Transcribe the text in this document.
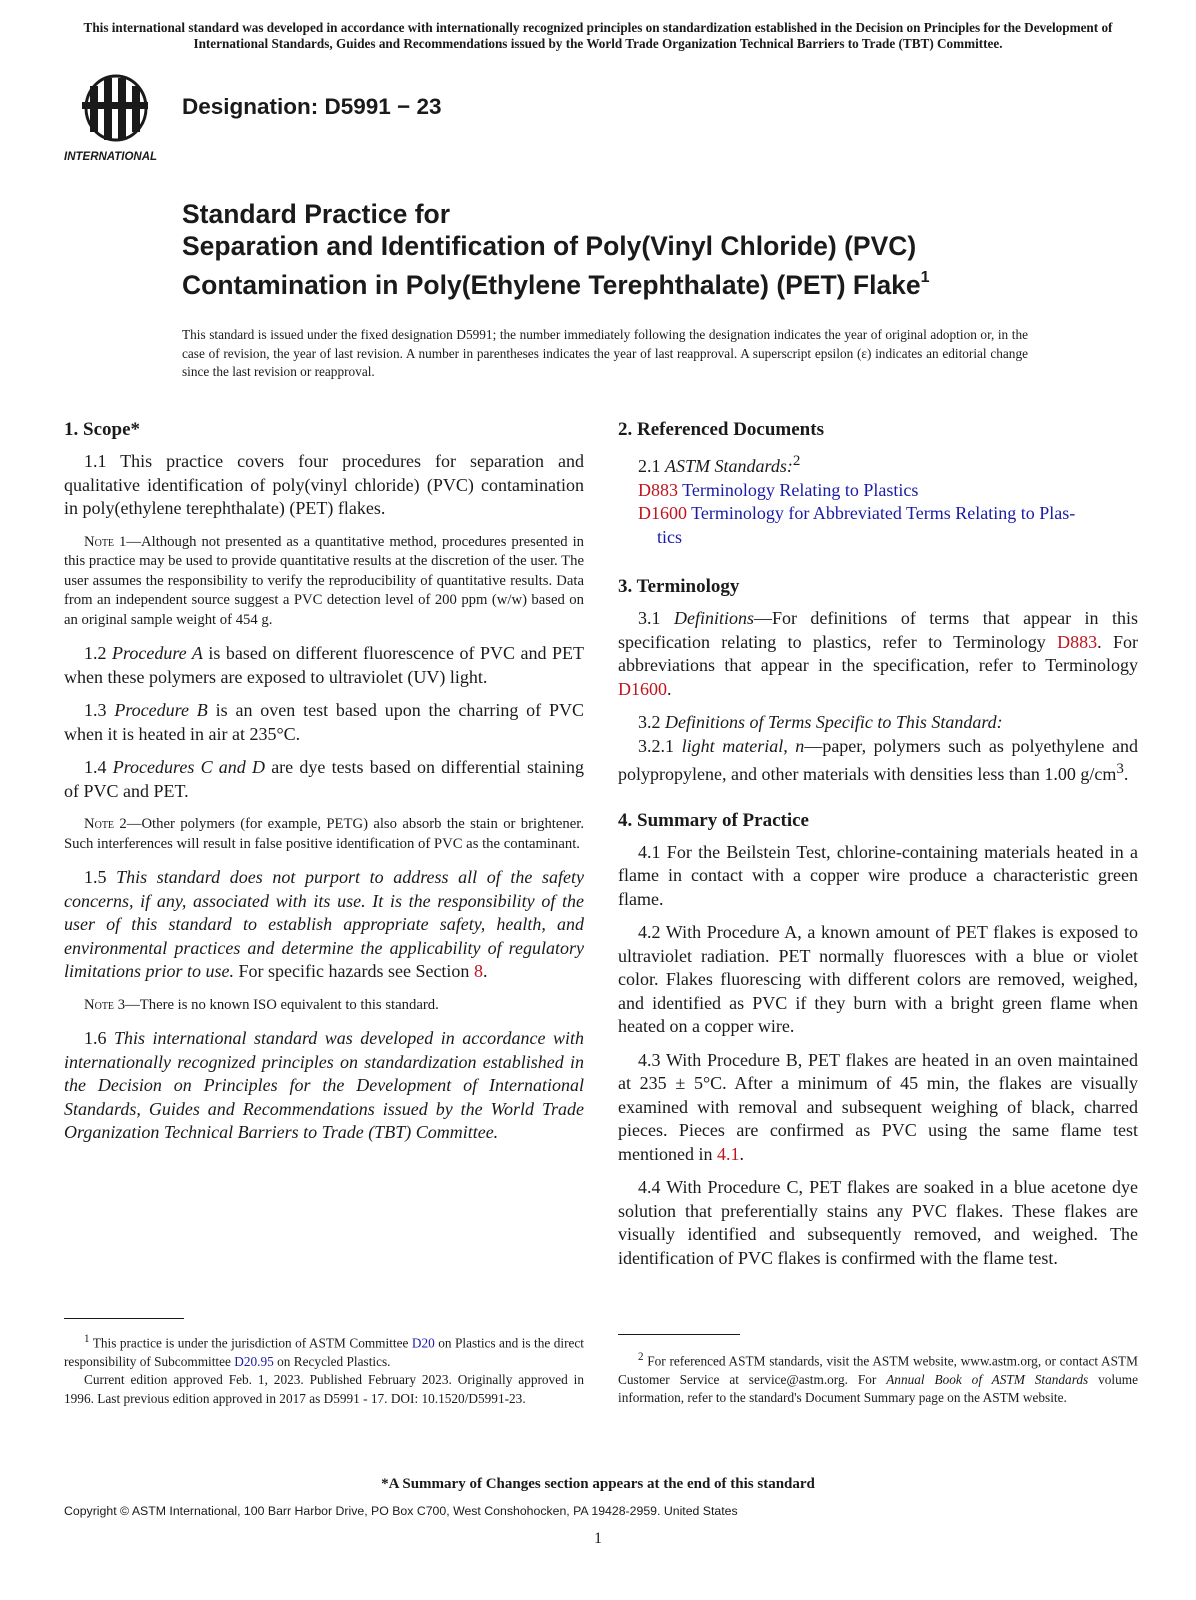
This international standard was developed in accordance with internationally recognized principles on standardization established in the Decision on Principles for the Development of International Standards, Guides and Recommendations issued by the World Trade Organization Technical Barriers to Trade (TBT) Committee.
INTERNATIONAL
Designation: D5991 − 23
Standard Practice for
Separation and Identification of Poly(Vinyl Chloride) (PVC)
Contamination in Poly(Ethylene Terephthalate) (PET) Flake$^1$
This standard is issued under the fixed designation D5991; the number immediately following the designation indicates the year of original adoption or, in the case of revision, the year of last revision. A number in parentheses indicates the year of last reapproval. A superscript epsilon (ε) indicates an editorial change since the last revision or reapproval.
1. Scope*

1.1 This practice covers four procedures for separation and qualitative identification of poly(vinyl chloride) (PVC) contamination in poly(ethylene terephthalate) (PET) flakes.

Note 1—Although not presented as a quantitative method, procedures presented in this practice may be used to provide quantitative results at the discretion of the user. The user assumes the responsibility to verify the reproducibility of quantitative results. Data from an independent source suggest a PVC detection level of 200 ppm (w/w) based on an original sample weight of 454 g.

1.2 Procedure A is based on different fluorescence of PVC and PET when these polymers are exposed to ultraviolet (UV) light.

1.3 Procedure B is an oven test based upon the charring of PVC when it is heated in air at 235°C.

1.4 Procedures C and D are dye tests based on differential staining of PVC and PET.

Note 2—Other polymers (for example, PETG) also absorb the stain or brightener. Such interferences will result in false positive identification of PVC as the contaminant.

1.5 This standard does not purport to address all of the safety concerns, if any, associated with its use. It is the responsibility of the user of this standard to establish appropriate safety, health, and environmental practices and determine the applicability of regulatory limitations prior to use. For specific hazards see Section 8.

Note 3—There is no known ISO equivalent to this standard.

1.6 This international standard was developed in accordance with internationally recognized principles on standardization established in the Decision on Principles for the Development of International Standards, Guides and Recommendations issued by the World Trade Organization Technical Barriers to Trade (TBT) Committee.

2. Referenced Documents

2.1 ASTM Standards:$^2$

D883 Terminology Relating to Plastics

D1600 Terminology for Abbreviated Terms Relating to Plas-

tics

3. Terminology

3.1 Definitions—For definitions of terms that appear in this specification relating to plastics, refer to Terminology D883. For abbreviations that appear in the specification, refer to Terminology D1600.

3.2 Definitions of Terms Specific to This Standard:

3.2.1 light material, n—paper, polymers such as polyethylene and polypropylene, and other materials with densities less than 1.00 $g/cm^3$.

4. Summary of Practice

4.1 For the Beilstein Test, chlorine-containing materials heated in a flame in contact with a copper wire produce a characteristic green flame.

4.2 With Procedure A, a known amount of PET flakes is exposed to ultraviolet radiation. PET normally fluoresces with a blue or violet color. Flakes fluorescing with different colors are removed, weighed, and identified as PVC if they burn with a bright green flame when heated on a copper wire.

4.3 With Procedure B, PET flakes are heated in an oven maintained at 235 ± 5°C. After a minimum of 45 min, the flakes are visually examined with removal and subsequent weighing of black, charred pieces. Pieces are confirmed as PVC using the same flame test mentioned in 4.1.

4.4 With Procedure C, PET flakes are soaked in a blue acetone dye solution that preferentially stains any PVC flakes. These flakes are visually identified and subsequently removed, and weighed. The identification of PVC flakes is confirmed with the flame test.

$^1$ This practice is under the jurisdiction of ASTM Committee D20 on Plastics and is the direct responsibility of Subcommittee D20.95 on Recycled Plastics.

Current edition approved Feb. 1, 2023. Published February 2023. Originally approved in 1996. Last previous edition approved in 2017 as D5991 - 17. DOI: 10.1520/D5991-23.

$^2$ For referenced ASTM standards, visit the ASTM website, www.astm.org, or contact ASTM Customer Service at service@astm.org. For Annual Book of ASTM Standards volume information, refer to the standard's Document Summary page on the ASTM website.

*A Summary of Changes section appears at the end of this standard
Copyright © ASTM International, 100 Barr Harbor Drive, PO Box C700, West Conshohocken, PA 19428-2959. United States
1
